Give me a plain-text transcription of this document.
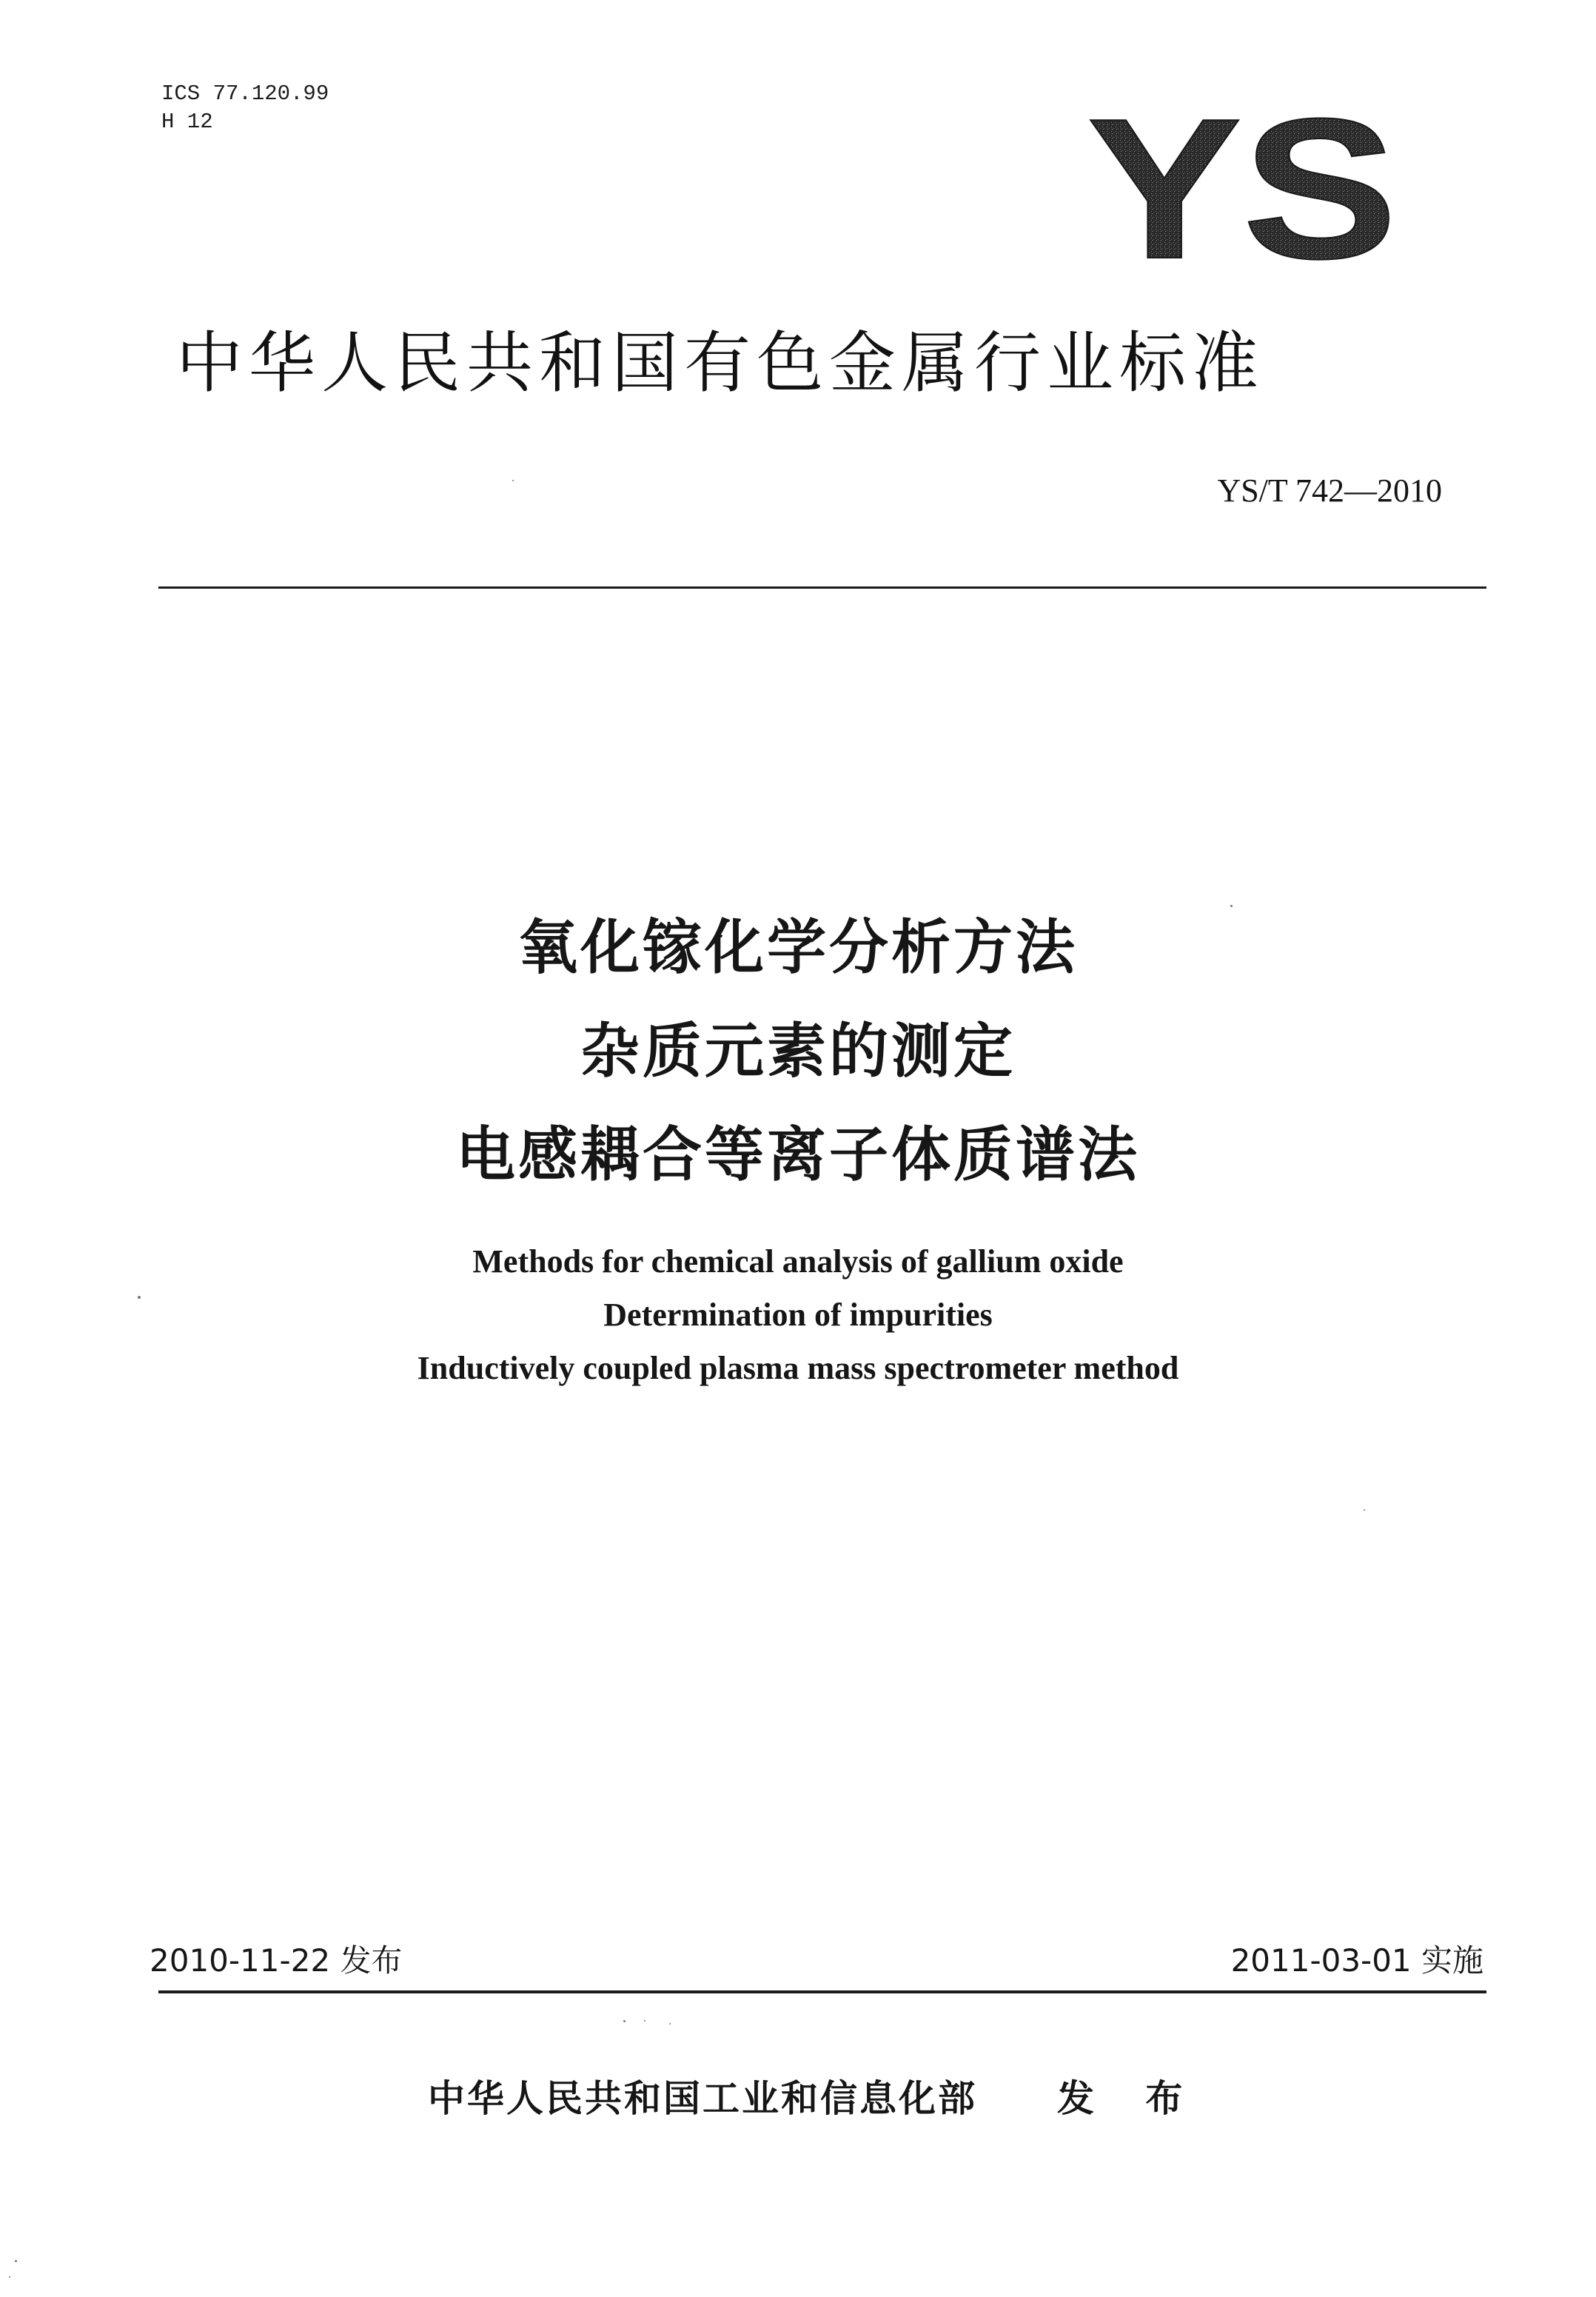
ICS 77.120.99
H 12	YS
中华人民共和国有色金属行业标准
YS/T 742—2010
氧化镓化学分析方法
杂质元素的测定
电感耦合等离子体质谱法
Methods for chemical analysis of gallium oxide
Determination of impurities
Inductively coupled plasma mass spectrometer method
2010-11-22 发布	2011-03-01 实施
中华人民共和国工业和信息化部 发 布
